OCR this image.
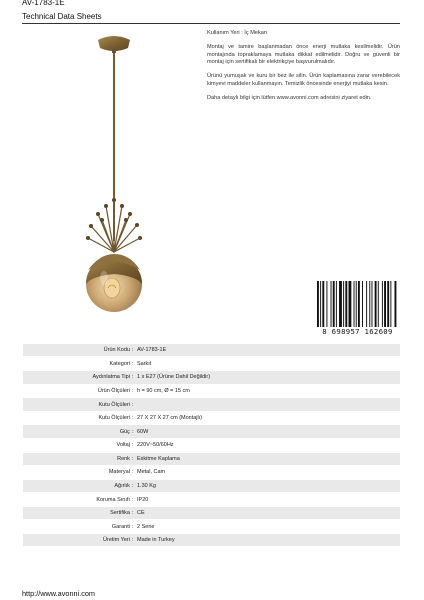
AV-1783-1E
Technical Data Sheets

Kullanım Yeri : İç Mekan

Montaj ve tamire başlanmadan önce enerji mutlaka kesilmelidir. Ürün montajında topraklamaya mutlaka dikkat edilmelidir. Doğru ve güvenli bir montaj için sertifikalı bir elektrikçiye başvurulmalıdır.

Ürünü yumuşak ve kuru bir bez ile silin. Ürün kaplamasına zarar verebilecek kimyevi maddeler kullanmayın. Temizlik öncesinde enerjiyi mutlaka kesin.

Daha detaylı bilgi için lütfen www.avonni.com adresini ziyaret edin.

8 698957 162609
Ürün Kodu : AV-1783-1E
Kategori : Sarkıt
Aydınlatma Tipi : 1 x E27 (Ürüne Dahil Değildir)
Ürün Ölçüleri : h = 90 cm, Ø = 15 cm
Kutu Ölçüleri :
Kutu Ölçüleri : 27 X 27 X 27 cm (Montajlı)
Güç : 60W
Voltaj : 220V~50/60Hz
Renk : Eskitme Kaplama
Materyal : Metal, Cam
Ağırlık : 1.30 Kg
Koruma Sınıfı : IP20
Sertifika : CE
Garanti : 2 Sene
Üretim Yeri : Made in Turkey
http://www.avonni.com
